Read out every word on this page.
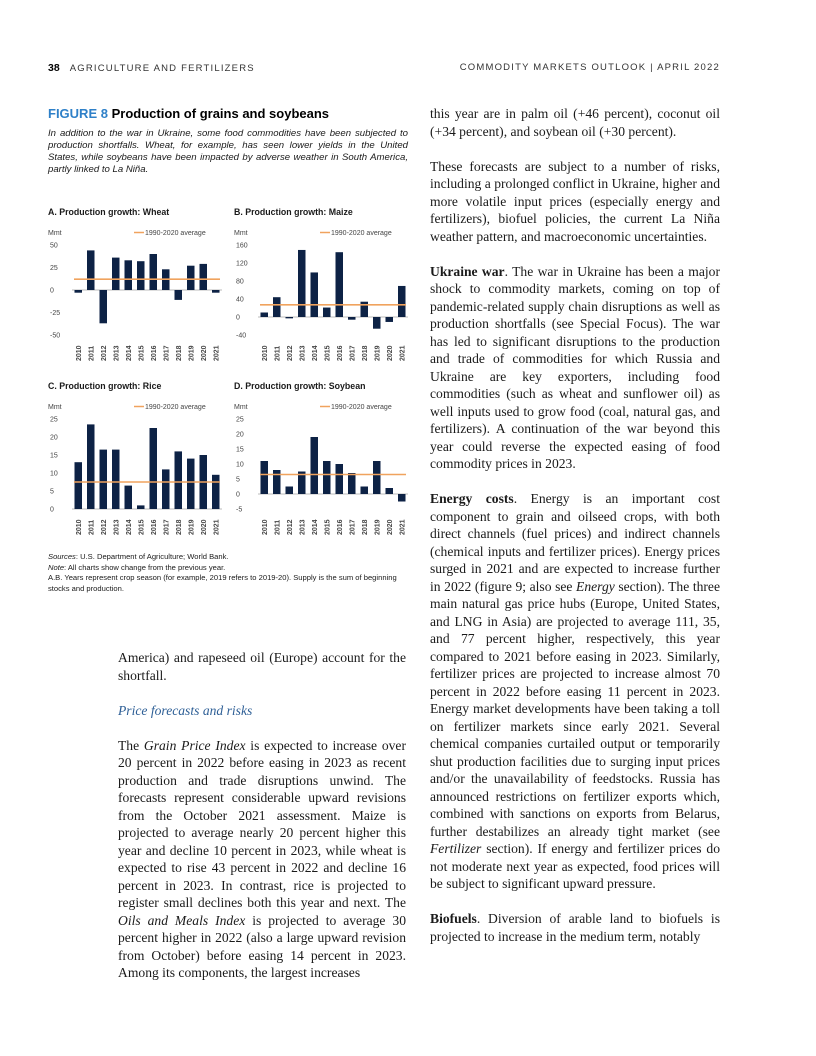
38 AGRICULTURE AND FERTILIZERS	COMMODITY MARKETS OUTLOOK | APRIL 2022
FIGURE 8 Production of grains and soybeans
In addition to the war in Ukraine, some food commodities have been subjected to production shortfalls. Wheat, for example, has seen lower yields in the United States, while soybeans have been impacted by adverse weather in South America, partly linked to La Niña.
A. Production growth: Wheat
Mmt	1990-2020 average
50
25
0
-25
-50
2010 2011 2012 2013 2014 2015 2016 2017 2018 2019 2020 2021
B. Production growth: Maize
Mmt	1990-2020 average
160
120
80
40
0
-40
2010 2011 2012 2013 2014 2015 2016 2017 2018 2019 2020 2021
C. Production growth: Rice
Mmt	1990-2020 average
25
20
15
10
5
0
2010 2011 2012 2013 2014 2015 2016 2017 2018 2019 2020 2021
D. Production growth: Soybean
Mmt	1990-2020 average
25
20
15
10
5
0
-5
2010 2011 2012 2013 2014 2015 2016 2017 2018 2019 2020 2021
Sources: U.S. Department of Agriculture; World Bank.
Note: All charts show change from the previous year.
A.B. Years represent crop season (for example, 2019 refers to 2019-20). Supply is the sum of beginning stocks and production.

America) and rapeseed oil (Europe) account for the shortfall.

Price forecasts and risks

The Grain Price Index is expected to increase over 20 percent in 2022 before easing in 2023 as recent production and trade disruptions unwind. The forecasts represent considerable upward revisions from the October 2021 assessment. Maize is projected to average nearly 20 percent higher this year and decline 10 percent in 2023, while wheat is expected to rise 43 percent in 2022 and decline 16 percent in 2023. In contrast, rice is projected to register small declines both this year and next. The Oils and Meals Index is projected to average 30 percent higher in 2022 (also a large upward revision from October) before easing 14 percent in 2023. Among its components, the largest increases

this year are in palm oil (+46 percent), coconut oil (+34 percent), and soybean oil (+30 percent).

These forecasts are subject to a number of risks, including a prolonged conflict in Ukraine, higher and more volatile input prices (especially energy and fertilizers), biofuel policies, the current La Niña weather pattern, and macroeconomic uncertainties.

Ukraine war. The war in Ukraine has been a major shock to commodity markets, coming on top of pandemic-related supply chain disruptions as well as production shortfalls (see Special Focus). The war has led to significant disruptions to the production and trade of commodities for which Russia and Ukraine are key exporters, including food commodities (such as wheat and sunflower oil) as well inputs used to grow food (coal, natural gas, and fertilizers). A continuation of the war beyond this year could reverse the expected easing of food commodity prices in 2023.

Energy costs. Energy is an important cost component to grain and oilseed crops, with both direct channels (fuel prices) and indirect channels (chemical inputs and fertilizer prices). Energy prices surged in 2021 and are expected to increase further in 2022 (figure 9; also see Energy section). The three main natural gas price hubs (Europe, United States, and LNG in Asia) are projected to average 111, 35, and 77 percent higher, respectively, this year compared to 2021 before easing in 2023. Similarly, fertilizer prices are projected to increase almost 70 percent in 2022 before easing 11 percent in 2023. Energy market developments have been taking a toll on fertilizer markets since early 2021. Several chemical companies curtailed output or temporarily shut production facilities due to surging input prices and/or the unavailability of feedstocks. Russia has announced restrictions on fertilizer exports which, combined with sanctions on exports from Belarus, further destabilizes an already tight market (see Fertilizer section). If energy and fertilizer prices do not moderate next year as expected, food prices will be subject to significant upward pressure.

Biofuels. Diversion of arable land to biofuels is projected to increase in the medium term, notably
